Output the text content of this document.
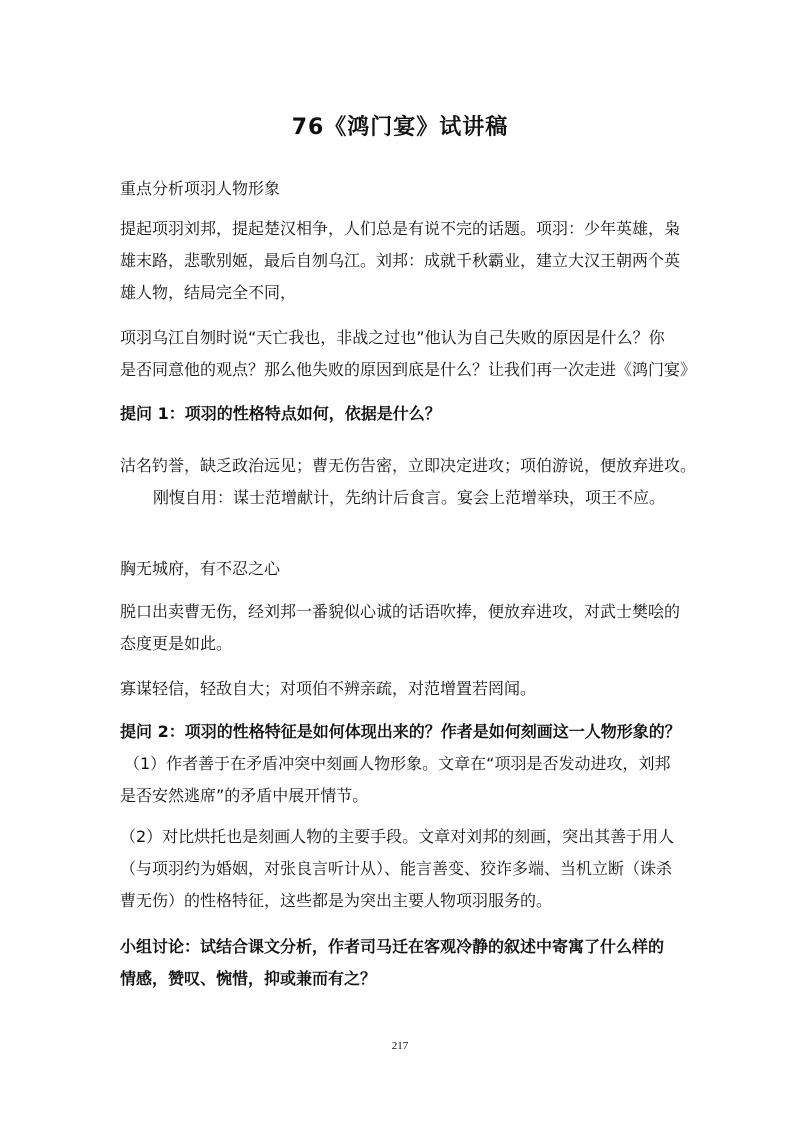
76《鸿门宴》试讲稿
重点分析项羽人物形象
提起项羽刘邦，提起楚汉相争，人们总是有说不完的话题。项羽：少年英雄，枭
雄末路，悲歌别姬，最后自刎乌江。刘邦：成就千秋霸业，建立大汉王朝两个英
雄人物，结局完全不同，
项羽乌江自刎时说“天亡我也，非战之过也”他认为自己失败的原因是什么？你
是否同意他的观点？那么他失败的原因到底是什么？让我们再一次走进《鸿门宴》
提问 1：项羽的性格特点如何，依据是什么？
沽名钓誉，缺乏政治远见；曹无伤告密，立即决定进攻；项伯游说，便放弃进攻。
刚愎自用：谋士范增献计，先纳计后食言。宴会上范增举玦，项王不应。
胸无城府，有不忍之心
脱口出卖曹无伤，经刘邦一番貌似心诚的话语吹捧，便放弃进攻，对武士樊哙的
态度更是如此。
寡谋轻信，轻敌自大；对项伯不辨亲疏，对范增置若罔闻。
提问 2：项羽的性格特征是如何体现出来的？作者是如何刻画这一人物形象的？
（1）作者善于在矛盾冲突中刻画人物形象。文章在“项羽是否发动进攻，刘邦
是否安然逃席”的矛盾中展开情节。
（2）对比烘托也是刻画人物的主要手段。文章对刘邦的刻画，突出其善于用人
（与项羽约为婚姻，对张良言听计从）、能言善变、狡诈多端、当机立断（诛杀
曹无伤）的性格特征，这些都是为突出主要人物项羽服务的。
小组讨论：试结合课文分析，作者司马迁在客观冷静的叙述中寄寓了什么样的
情感，赞叹、惋惜，抑或兼而有之？
217
